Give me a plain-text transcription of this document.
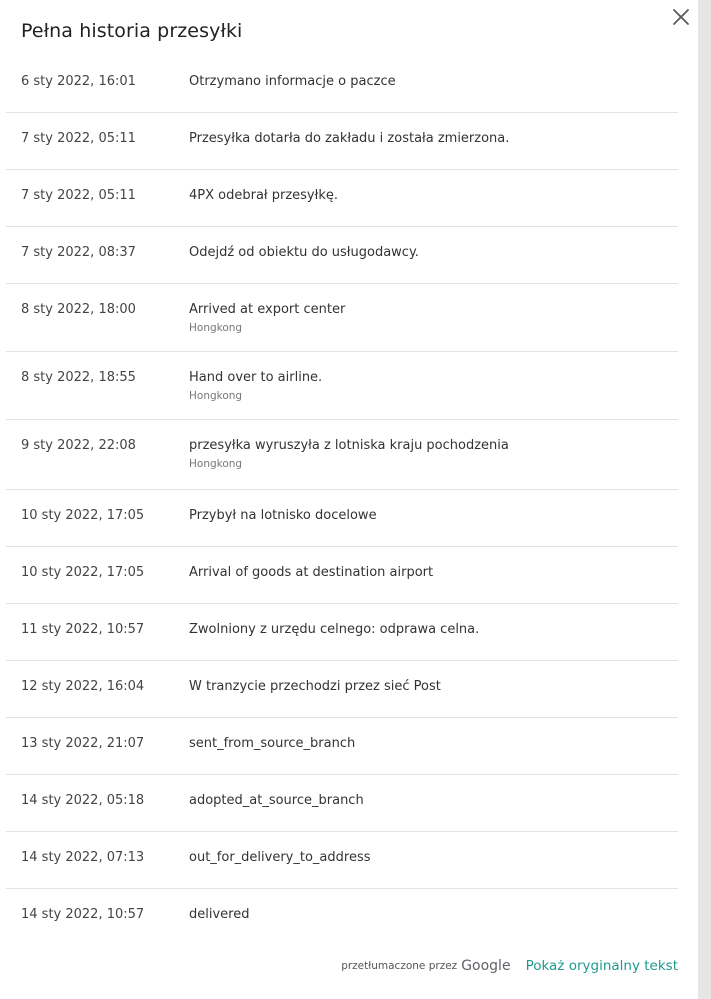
Pełna historia przesyłki
6 sty 2022, 16:01	Otrzymano informacje o paczce
7 sty 2022, 05:11	Przesyłka dotarła do zakładu i została zmierzona.
7 sty 2022, 05:11	4PX odebrał przesyłkę.
7 sty 2022, 08:37	Odejdź od obiektu do usługodawcy.
8 sty 2022, 18:00	Arrived at export center
Hongkong
8 sty 2022, 18:55	Hand over to airline.
Hongkong
9 sty 2022, 22:08	przesyłka wyruszyła z lotniska kraju pochodzenia
Hongkong
10 sty 2022, 17:05	Przybył na lotnisko docelowe
10 sty 2022, 17:05	Arrival of goods at destination airport
11 sty 2022, 10:57	Zwolniony z urzędu celnego: odprawa celna.
12 sty 2022, 16:04	W tranzycie przechodzi przez sieć Post
13 sty 2022, 21:07	sent_from_source_branch
14 sty 2022, 05:18	adopted_at_source_branch
14 sty 2022, 07:13	out_for_delivery_to_address
14 sty 2022, 10:57	delivered
przetłumaczone przez Google Pokaż oryginalny tekst
